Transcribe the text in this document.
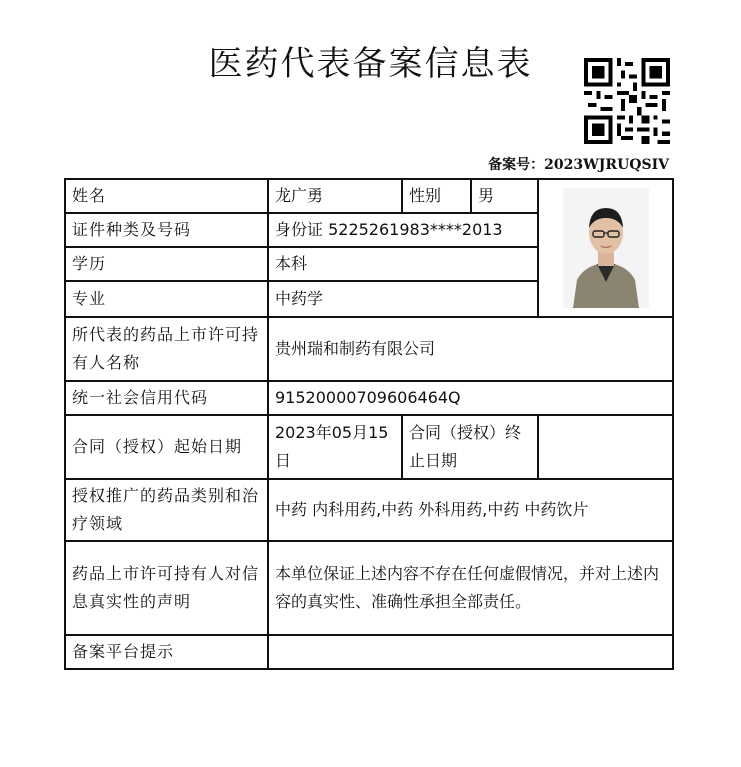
医药代表备案信息表
备案号：2023WJRUQSIV
姓名	龙广勇	性别	男	

证件种类及号码	身份证 5225261983****2013			
学历	本科			
专业	中药学			
所代表的药品上市许可持有人名称	贵州瑞和制药有限公司			
统一社会信用代码	91520000709606464Q			
合同（授权）起始日期	2023年05月15日	合同（授权）终止日期		
授权推广的药品类别和治疗领域	中药 内科用药,中药 外科用药,中药 中药饮片			
药品上市许可持有人对信息真实性的声明	本单位保证上述内容不存在任何虚假情况，并对上述内容的真实性、准确性承担全部责任。			
备案平台提示				
